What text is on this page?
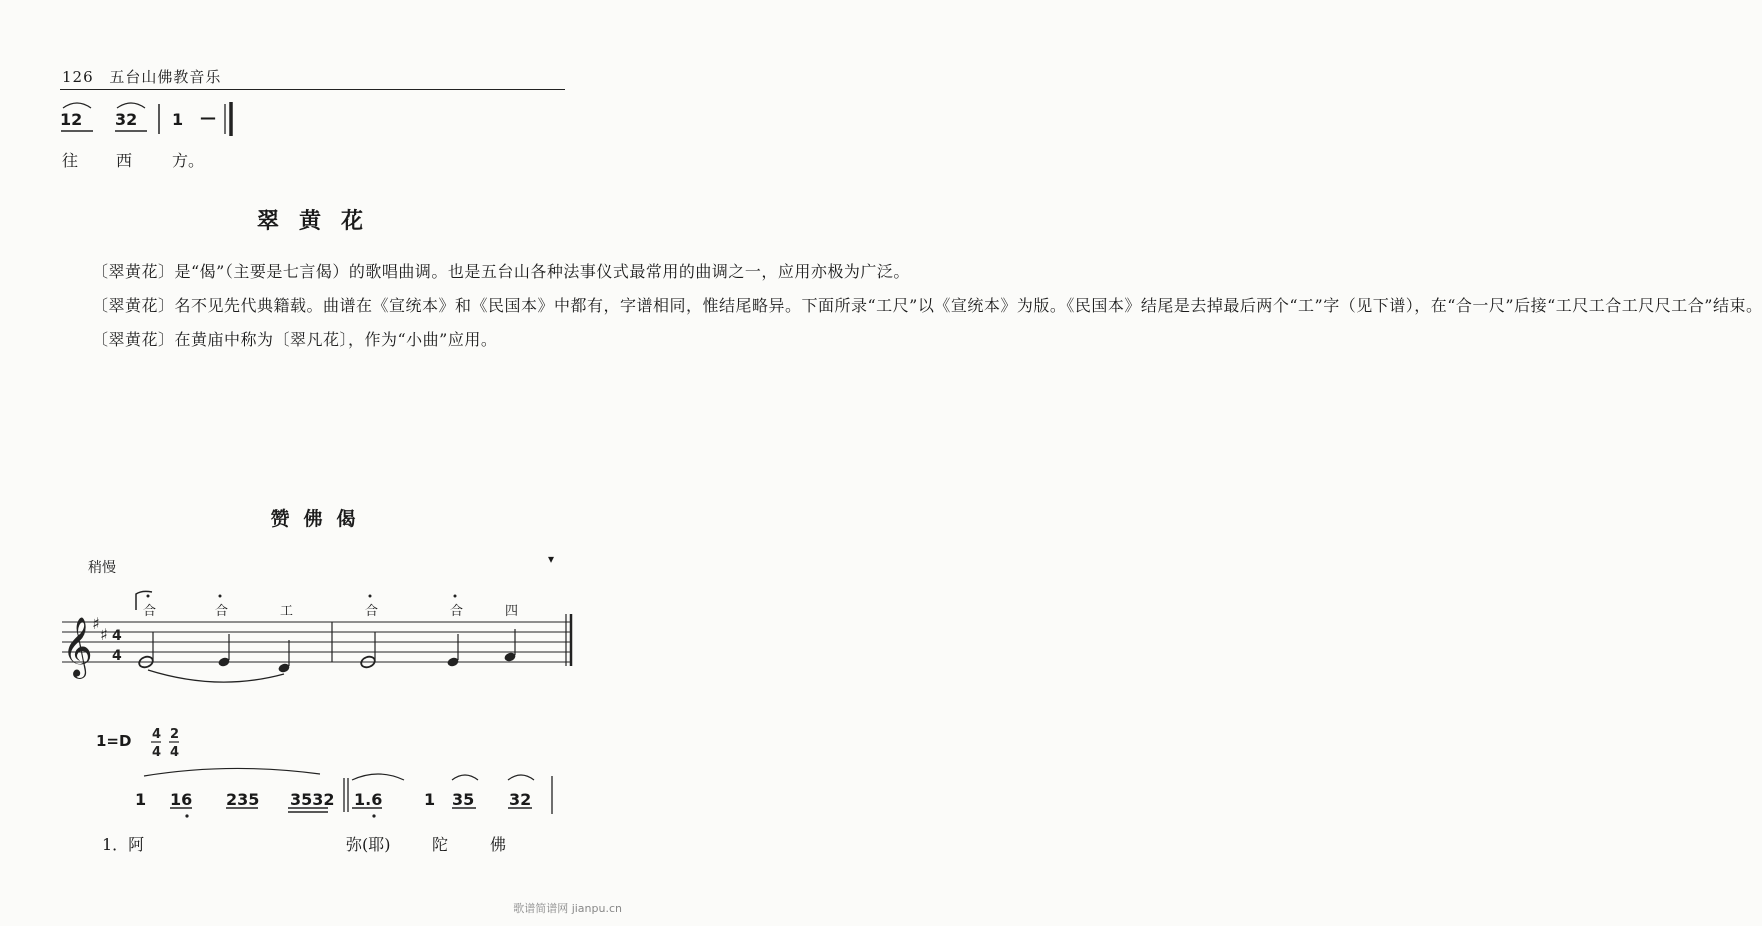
126 五台山佛教音乐
12 32 1 —
往 西 方。
翠黄花

〔翠黄花〕是“偈”（主要是七言偈）的歌唱曲调。也是五台山各种法事仪式最常用的曲调之一，应用亦极为广泛。

〔翠黄花〕名不见先代典籍载。曲谱在《宣统本》和《民国本》中都有，字谱相同，惟结尾略异。下面所录“工尺”以《宣统本》为版。《民国本》结尾是去掉最后两个“工”字（见下谱），在“合一尺”后接“工尺工合工尺尺工合”结束。

〔翠黄花〕在黄庙中称为〔翠凡花〕，作为“小曲”应用。

赞佛偈
稍慢
▾
合	合	工	合	合	四
𝄞 ♯
♯ 4
4
1=D 4
4
2
4
1 16 235 3532 1.6	1 35 32
1．阿	弥(耶)	陀	佛
歌谱简谱网 jianpu.cn
